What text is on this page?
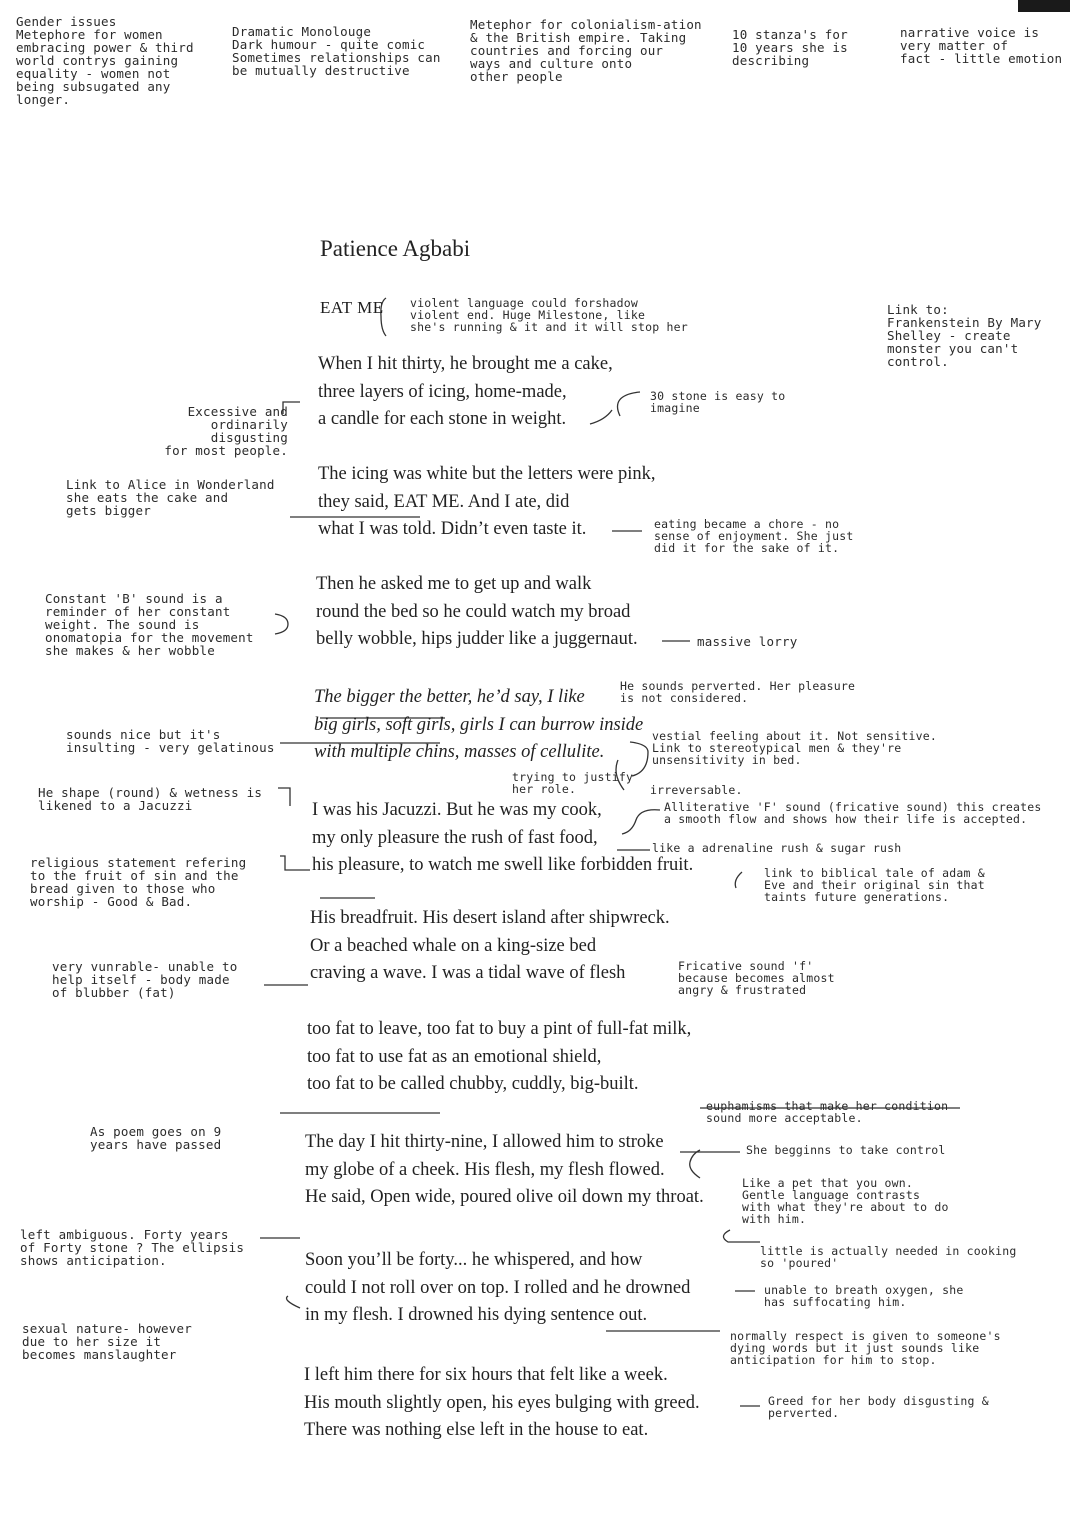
Gender issues
Metephore for women
embracing power & third
world contrys gaining
equality - women not
being subsugated any
longer.
Dramatic Monolouge
Dark humour - quite comic
Sometimes relationships can
be mutually destructive
Metephor for colonialism-ation
& the British empire. Taking
countries and forcing our
ways and culture onto
other people
10 stanza's for
10 years she is
describing
narrative voice is
very matter of
fact - little emotion
Patience Agbabi
EAT ME
When I hit thirty, he brought me a cake,
three layers of icing, home-made,
a candle for each stone in weight.
The icing was white but the letters were pink,
they said, EAT ME. And I ate, did
what I was told. Didn’t even taste it.
Then he asked me to get up and walk
round the bed so he could watch my broad
belly wobble, hips judder like a juggernaut.
The bigger the better, he’d say, I like
big girls, soft girls, girls I can burrow inside
with multiple chins, masses of cellulite.
I was his Jacuzzi. But he was my cook,
my only pleasure the rush of fast food,
his pleasure, to watch me swell like forbidden fruit.
His breadfruit. His desert island after shipwreck.
Or a beached whale on a king-size bed
craving a wave. I was a tidal wave of flesh
too fat to leave, too fat to buy a pint of full-fat milk,
too fat to use fat as an emotional shield,
too fat to be called chubby, cuddly, big-built.
The day I hit thirty-nine, I allowed him to stroke
my globe of a cheek. His flesh, my flesh flowed.
He said, Open wide, poured olive oil down my throat.
Soon you’ll be forty... he whispered, and how
could I not roll over on top. I rolled and he drowned
in my flesh. I drowned his dying sentence out.
I left him there for six hours that felt like a week.
His mouth slightly open, his eyes bulging with greed.
There was nothing else left in the house to eat.
violent language could forshadow
violent end. Huge Milestone, like
she's running & it and it will stop her
Link to:
Frankenstein By Mary
Shelley - create
monster you can't
control.
Excessive and
ordinarily disgusting
for most people.
30 stone is easy to
imagine
Link to Alice in Wonderland
she eats the cake and
gets bigger
eating became a chore - no
sense of enjoyment. She just
did it for the sake of it.
Constant 'B' sound is a
reminder of her constant
weight. The sound is
onomatopia for the movement
she makes & her wobble
massive lorry
He sounds perverted. Her pleasure
is not considered.
sounds nice but it's
insulting - very gelatinous
vestial feeling about it. Not sensitive.
Link to stereotypical men & they're
unsensitivity in bed.
trying to justify
her role.	irreversable.
He shape (round) & wetness is
likened to a Jacuzzi	Alliterative 'F' sound (fricative sound) this creates
a smooth flow and shows how their life is accepted.
like a adrenaline rush & sugar rush
link to biblical tale of adam &
Eve and their original sin that
taints future generations.
religious statement refering
to the fruit of sin and the
bread given to those who
worship - Good & Bad.
very vunrable- unable to
help itself - body made
of blubber (fat)
Fricative sound 'f'
because becomes almost
angry & frustrated
euphamisms that make her condition
sound more acceptable.
As poem goes on 9
years have passed	She begginns to take control
Like a pet that you own.
Gentle language contrasts
with what they're about to do
with him.
left ambiguous. Forty years
of Forty stone ? The ellipsis
shows anticipation.
little is actually needed in cooking
so 'poured'
unable to breath oxygen, she
has suffocating him.
sexual nature- however
due to her size it
becomes manslaughter
normally respect is given to someone's
dying words but it just sounds like
anticipation for him to stop.
Greed for her body disgusting &
perverted.
